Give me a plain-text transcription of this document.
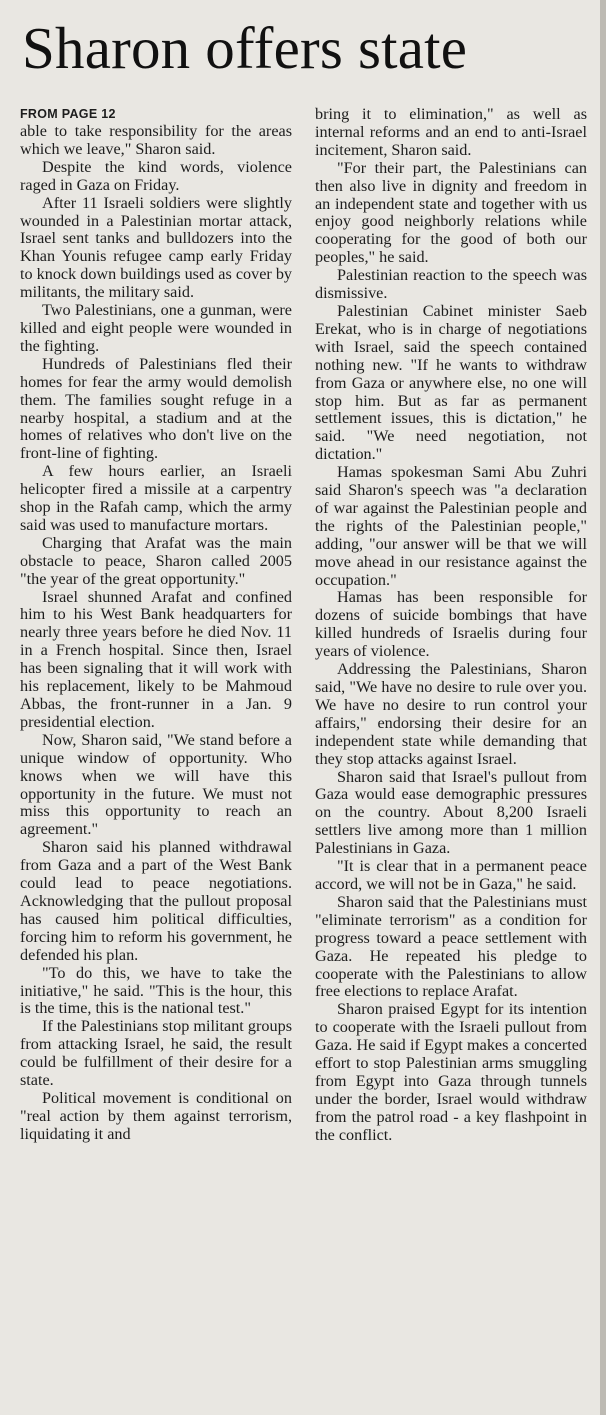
Sharon offers state
FROM PAGE 12

able to take responsibility for the areas which we leave," Sharon said.

Despite the kind words, violence raged in Gaza on Friday.

After 11 Israeli soldiers were slightly wounded in a Palestinian mortar attack, Israel sent tanks and bulldozers into the Khan Younis refugee camp early Friday to knock down buildings used as cover by militants, the military said.

Two Palestinians, one a gunman, were killed and eight people were wounded in the fighting.

Hundreds of Palestinians fled their homes for fear the army would demolish them. The families sought refuge in a nearby hospital, a stadium and at the homes of relatives who don't live on the front-line of fighting.

A few hours earlier, an Israeli helicopter fired a missile at a carpentry shop in the Rafah camp, which the army said was used to manufacture mortars.

Charging that Arafat was the main obstacle to peace, Sharon called 2005 "the year of the great opportunity."

Israel shunned Arafat and confined him to his West Bank headquarters for nearly three years before he died Nov. 11 in a French hospital. Since then, Israel has been signaling that it will work with his replacement, likely to be Mahmoud Abbas, the front-runner in a Jan. 9 presidential election.

Now, Sharon said, "We stand before a unique window of opportunity. Who knows when we will have this opportunity in the future. We must not miss this opportunity to reach an agreement."

Sharon said his planned withdrawal from Gaza and a part of the West Bank could lead to peace negotiations. Acknowledging that the pullout proposal has caused him political difficulties, forcing him to reform his government, he defended his plan.

"To do this, we have to take the initiative," he said. "This is the hour, this is the time, this is the national test."

If the Palestinians stop militant groups from attacking Israel, he said, the result could be fulfillment of their desire for a state.

Political movement is conditional on "real action by them against terrorism, liquidating it and

bring it to elimination," as well as internal reforms and an end to anti-Israel incitement, Sharon said.

"For their part, the Palestinians can then also live in dignity and freedom in an independent state and together with us enjoy good neighborly relations while cooperating for the good of both our peoples," he said.

Palestinian reaction to the speech was dismissive.

Palestinian Cabinet minister Saeb Erekat, who is in charge of negotiations with Israel, said the speech contained nothing new. "If he wants to withdraw from Gaza or anywhere else, no one will stop him. But as far as permanent settlement issues, this is dictation," he said. "We need negotiation, not dictation."

Hamas spokesman Sami Abu Zuhri said Sharon's speech was "a declaration of war against the Palestinian people and the rights of the Palestinian people," adding, "our answer will be that we will move ahead in our resistance against the occupation."

Hamas has been responsible for dozens of suicide bombings that have killed hundreds of Israelis during four years of violence.

Addressing the Palestinians, Sharon said, "We have no desire to rule over you. We have no desire to run control your affairs," endorsing their desire for an independent state while demanding that they stop attacks against Israel.

Sharon said that Israel's pullout from Gaza would ease demographic pressures on the country. About 8,200 Israeli settlers live among more than 1 million Palestinians in Gaza.

"It is clear that in a permanent peace accord, we will not be in Gaza," he said.

Sharon said that the Palestinians must "eliminate terrorism" as a condition for progress toward a peace settlement with Gaza. He repeated his pledge to cooperate with the Palestinians to allow free elections to replace Arafat.

Sharon praised Egypt for its intention to cooperate with the Israeli pullout from Gaza. He said if Egypt makes a concerted effort to stop Palestinian arms smuggling from Egypt into Gaza through tunnels under the border, Israel would withdraw from the patrol road - a key flashpoint in the conflict.
